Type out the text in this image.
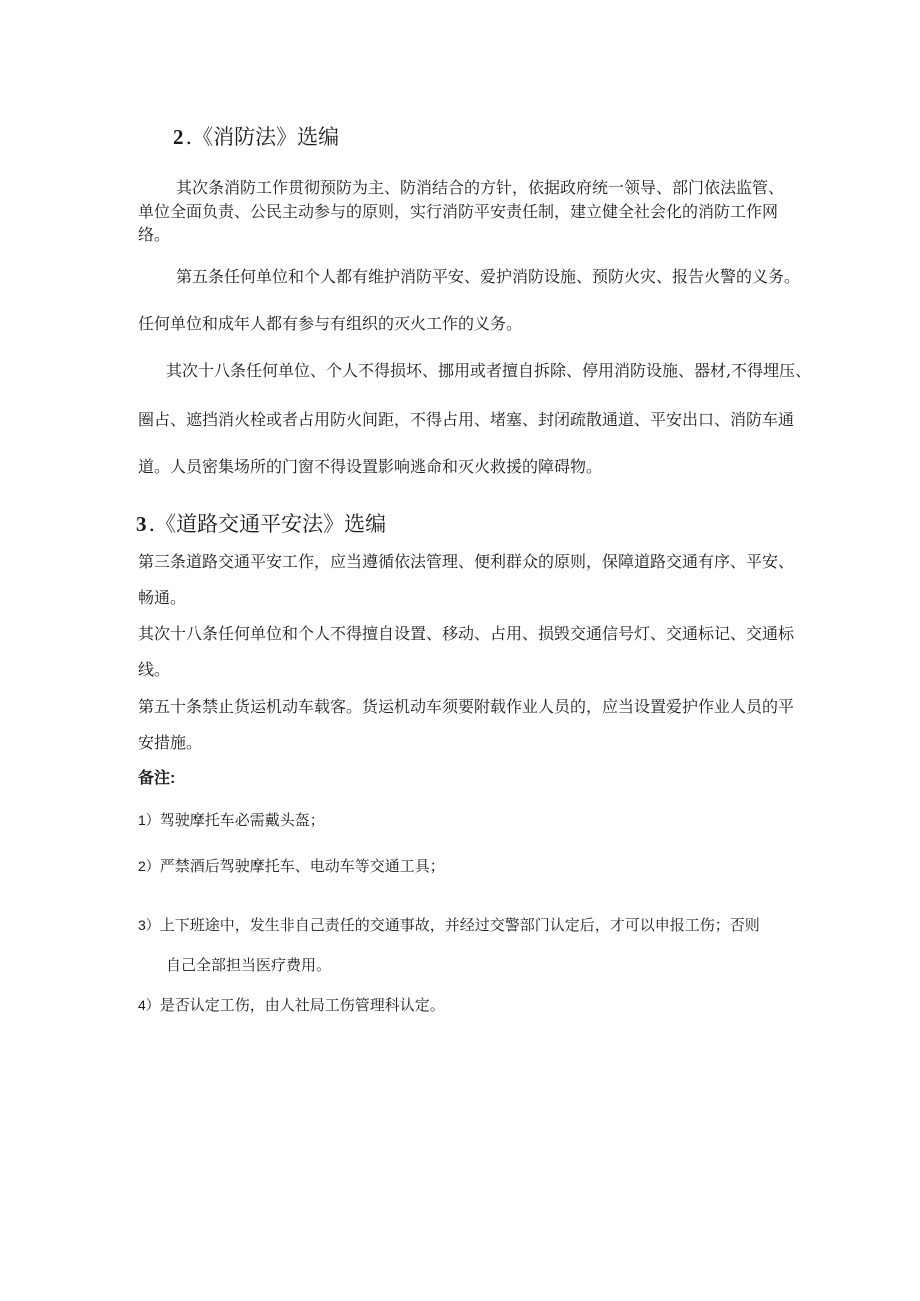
2.《消防法》选编

其次条消防工作贯彻预防为主、防消结合的方针，依据政府统一领导、部门依法监管、

单位全面负责、公民主动参与的原则，实行消防平安责任制，建立健全社会化的消防工作网

络。

第五条任何单位和个人都有维护消防平安、爱护消防设施、预防火灾、报告火警的义务。

任何单位和成年人都有参与有组织的灭火工作的义务。

其次十八条任何单位、个人不得损坏、挪用或者擅自拆除、停用消防设施、器材,不得埋压、

圈占、遮挡消火栓或者占用防火间距，不得占用、堵塞、封闭疏散通道、平安出口、消防车通

道。人员密集场所的门窗不得设置影响逃命和灭火救援的障碍物。

3.《道路交通平安法》选编

第三条道路交通平安工作，应当遵循依法管理、便利群众的原则，保障道路交通有序、平安、

畅通。

其次十八条任何单位和个人不得擅自设置、移动、占用、损毁交通信号灯、交通标记、交通标

线。

第五十条禁止货运机动车载客。货运机动车须要附载作业人员的，应当设置爱护作业人员的平

安措施。

备注:

1）驾驶摩托车必需戴头盔；

2）严禁酒后驾驶摩托车、电动车等交通工具；

3）上下班途中，发生非自己责任的交通事故，并经过交警部门认定后，才可以申报工伤；否则

自己全部担当医疗费用。

4）是否认定工伤，由人社局工伤管理科认定。
